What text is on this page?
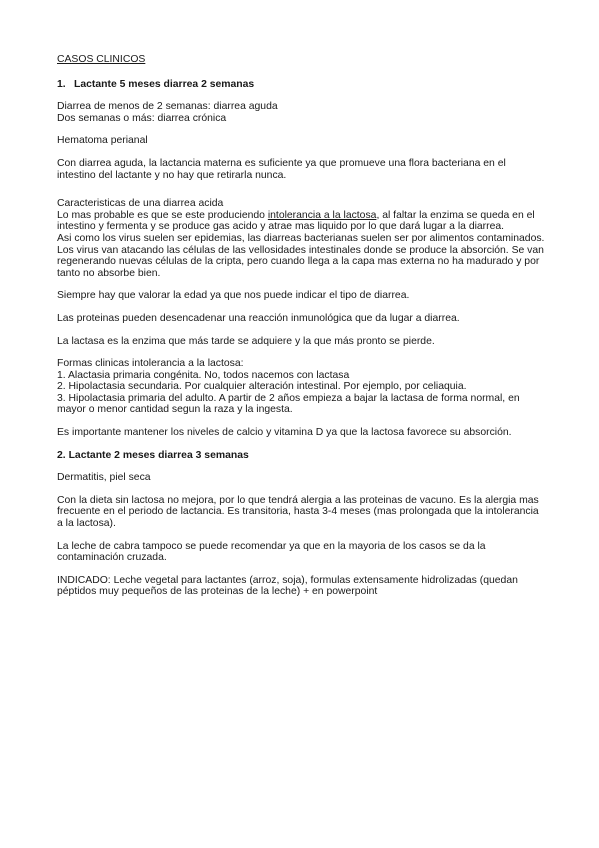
CASOS CLINICOS
1. Lactante 5 meses diarrea 2 semanas

Diarrea de menos de 2 semanas: diarrea aguda
Dos semanas o más: diarrea crónica

Hematoma perianal

Con diarrea aguda, la lactancia materna es suficiente ya que promueve una flora bacteriana en el intestino del lactante y no hay que retirarla nunca.

Caracteristicas de una diarrea acida

Lo mas probable es que se este produciendo intolerancia a la lactosa, al faltar la enzima se queda en el intestino y fermenta y se produce gas acido y atrae mas liquido por lo que dará lugar a la diarrea.

Asi como los virus suelen ser epidemias, las diarreas bacterianas suelen ser por alimentos contaminados.

Los virus van atacando las células de las vellosidades intestinales donde se produce la absorción. Se van regenerando nuevas células de la cripta, pero cuando llega a la capa mas externa no ha madurado y por tanto no absorbe bien.

Siempre hay que valorar la edad ya que nos puede indicar el tipo de diarrea.

Las proteinas pueden desencadenar una reacción inmunológica que da lugar a diarrea.

La lactasa es la enzima que más tarde se adquiere y la que más pronto se pierde.

Formas clinicas intolerancia a la lactosa:
1. Alactasia primaria congénita. No, todos nacemos con lactasa
2. Hipolactasia secundaria. Por cualquier alteración intestinal. Por ejemplo, por celiaquia.
3. Hipolactasia primaria del adulto. A partir de 2 años empieza a bajar la lactasa de forma normal, en mayor o menor cantidad segun la raza y la ingesta.

Es importante mantener los niveles de calcio y vitamina D ya que la lactosa favorece su absorción.

2. Lactante 2 meses diarrea 3 semanas

Dermatitis, piel seca

Con la dieta sin lactosa no mejora, por lo que tendrá alergia a las proteinas de vacuno. Es la alergia mas frecuente en el periodo de lactancia. Es transitoria, hasta 3-4 meses (mas prolongada que la intolerancia a la lactosa).

La leche de cabra tampoco se puede recomendar ya que en la mayoria de los casos se da la contaminación cruzada.

INDICADO: Leche vegetal para lactantes (arroz, soja), formulas extensamente hidrolizadas (quedan péptidos muy pequeños de las proteinas de la leche) + en powerpoint
